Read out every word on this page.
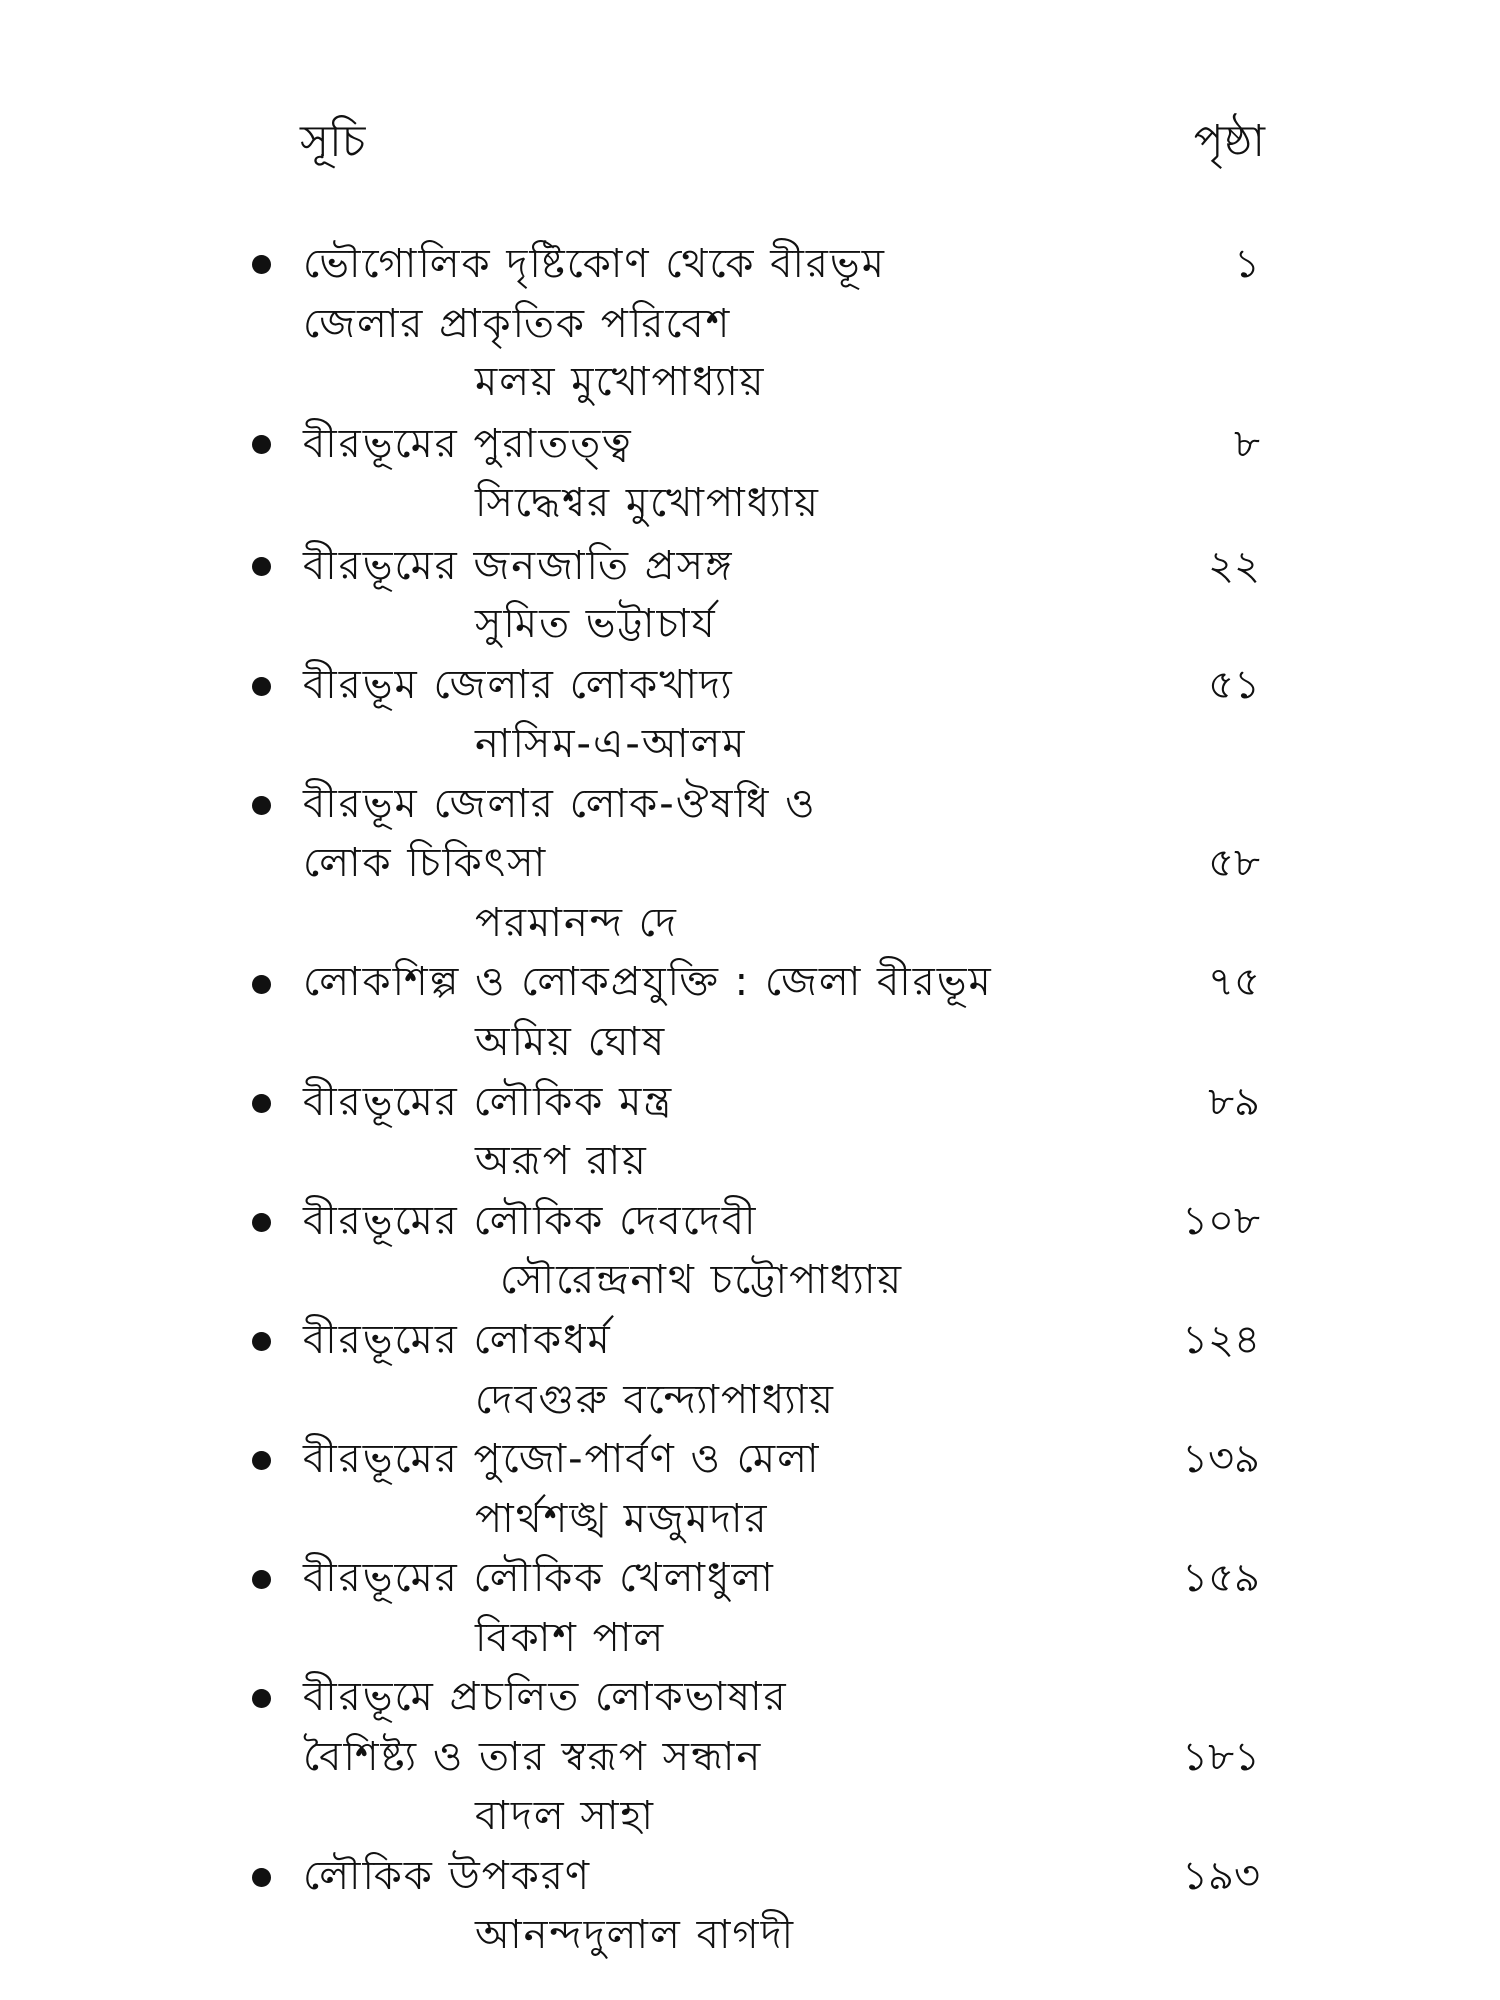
সূচি	পৃষ্ঠা
ভৌগোলিক দৃষ্টিকোণ থেকে বীরভূম
জেলার প্রাকৃতিক পরিবেশ
মলয় মুখোপাধ্যায়
১
বীরভূমের পুরাতত্ত্ব
সিদ্ধেশ্বর মুখোপাধ্যায়
৮
বীরভূমের জনজাতি প্রসঙ্গ
সুমিত ভট্টাচার্য
২২
বীরভূম জেলার লোকখাদ্য
নাসিম-এ-আলম
৫১
বীরভূম জেলার লোক-ঔষধি ও
লোক চিকিৎসা
পরমানন্দ দে
৫৮
লোকশিল্প ও লোকপ্রযুক্তি : জেলা বীরভূম
অমিয় ঘোষ
৭৫
বীরভূমের লৌকিক মন্ত্র
অরূপ রায়
৮৯
বীরভূমের লৌকিক দেবদেবী
সৌরেন্দ্রনাথ চট্টোপাধ্যায়
১০৮
বীরভূমের লোকধর্ম
দেবগুরু বন্দ্যোপাধ্যায়
১২৪
বীরভূমের পুজো-পার্বণ ও মেলা
পার্থশঙ্খ মজুমদার
১৩৯
বীরভূমের লৌকিক খেলাধুলা
বিকাশ পাল
১৫৯
বীরভূমে প্রচলিত লোকভাষার
বৈশিষ্ট্য ও তার স্বরূপ সন্ধান
বাদল সাহা
১৮১
লৌকিক উপকরণ
আনন্দদুলাল বাগদী
১৯৩
